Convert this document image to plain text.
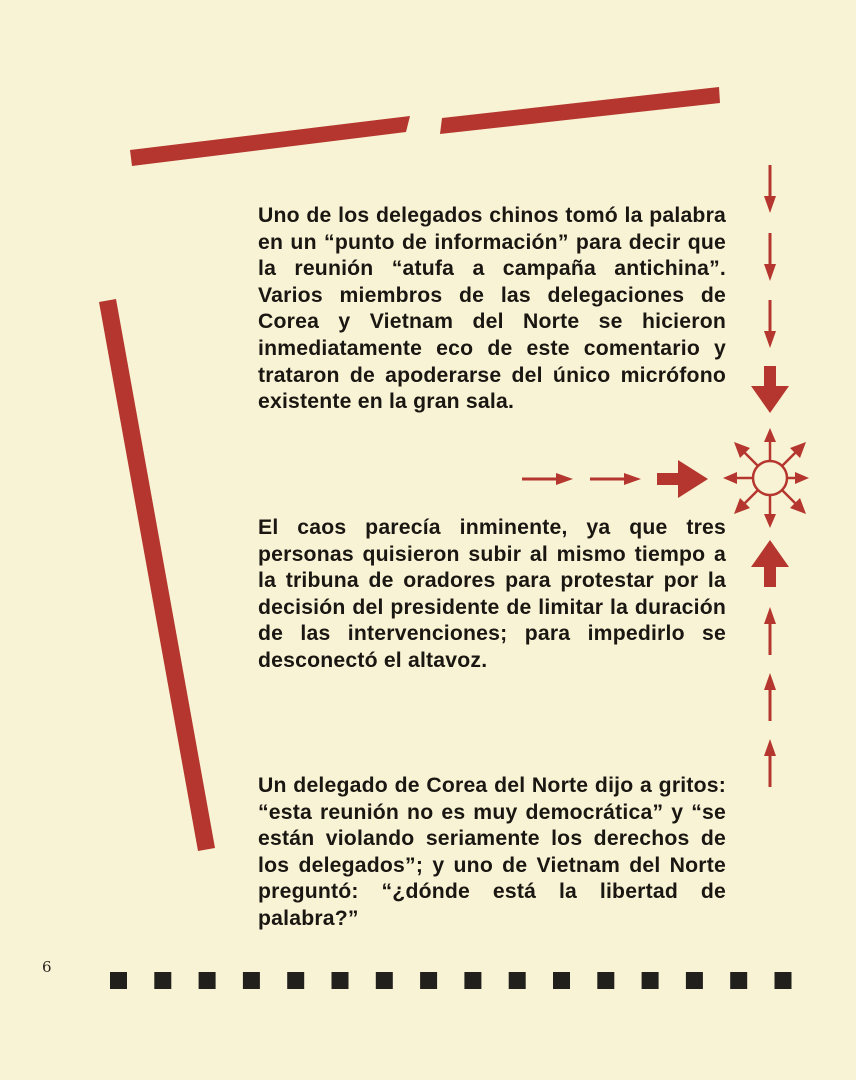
Uno de los delegados chinos tomó la palabra en un “punto de información” para decir que la reunión “atufa a campaña antichina”. Varios miembros de las delegaciones de Corea y Vietnam del Norte se hicieron inmediatamente eco de este comentario y trataron de apoderarse del único micrófono existente en la gran sala.

El caos parecía inminente, ya que tres personas quisieron subir al mismo tiempo a la tribuna de oradores para protestar por la decisión del presidente de limitar la duración de las intervenciones; para impedirlo se desconectó el altavoz.

Un delegado de Corea del Norte dijo a gritos: “esta reunión no es muy democrática” y “se están violando seriamente los derechos de los delegados”; y uno de Vietnam del Norte preguntó: “¿dónde está la libertad de palabra?”

6
